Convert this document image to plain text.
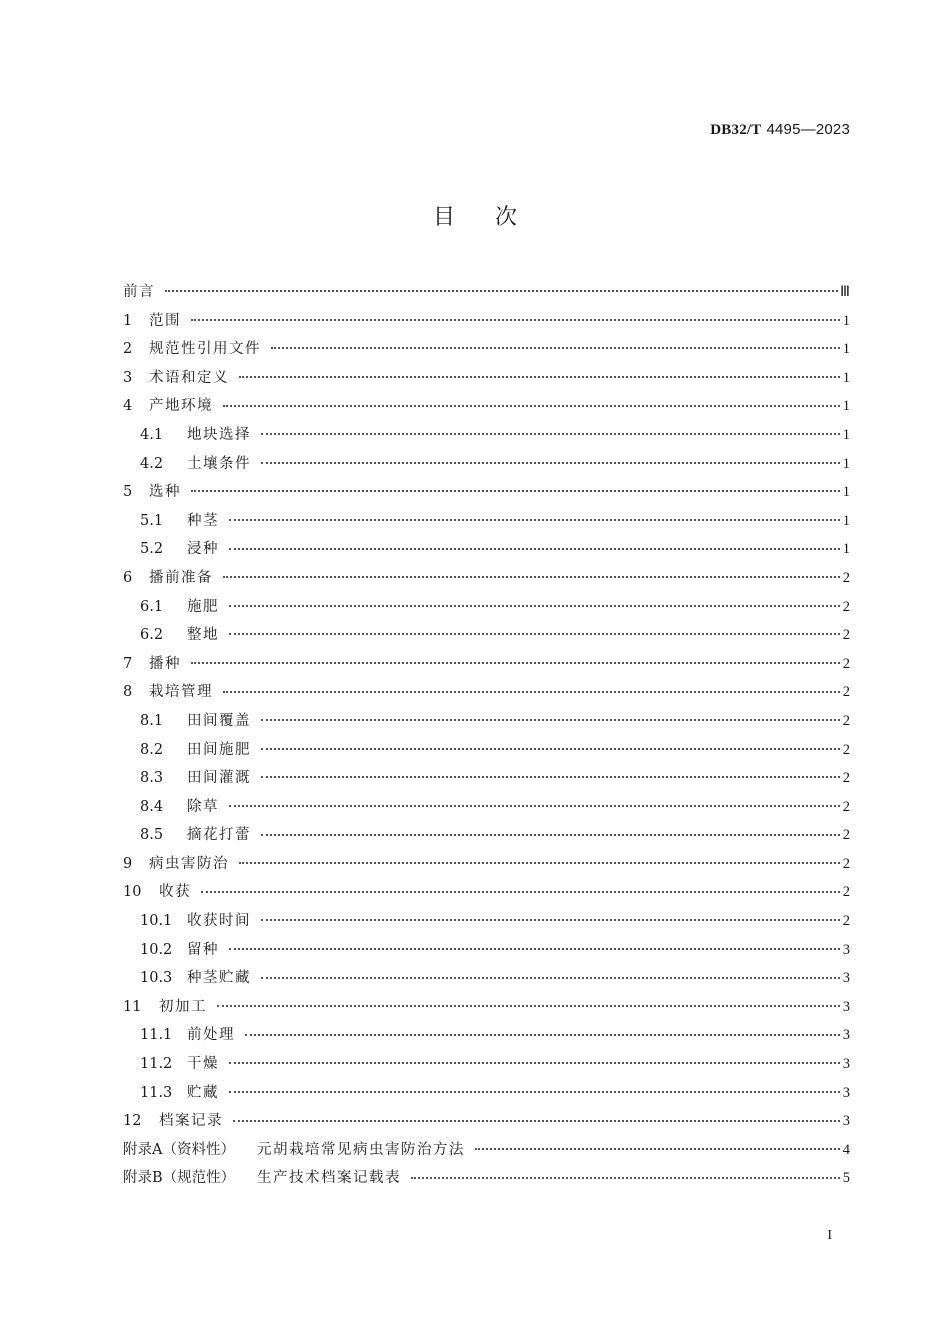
DB32/T 4495—2023
目 次
前言	Ⅲ
1	范围	1
2	规范性引用文件	1
3	术语和定义	1
4	产地环境	1
4.1	地块选择	1
4.2	土壤条件	1
5	选种	1
5.1	种茎	1
5.2	浸种	1
6	播前准备	2
6.1	施肥	2
6.2	整地	2
7	播种	2
8	栽培管理	2
8.1	田间覆盖	2
8.2	田间施肥	2
8.3	田间灌溉	2
8.4	除草	2
8.5	摘花打蕾	2
9	病虫害防治	2
10	收获	2
10.1	收获时间	2
10.2	留种	3
10.3	种茎贮藏	3
11	初加工	3
11.1	前处理	3
11.2	干燥	3
11.3	贮藏	3
12	档案记录	3
附录A（资料性）	元胡栽培常见病虫害防治方法	4
附录B（规范性）	生产技术档案记载表	5
I
